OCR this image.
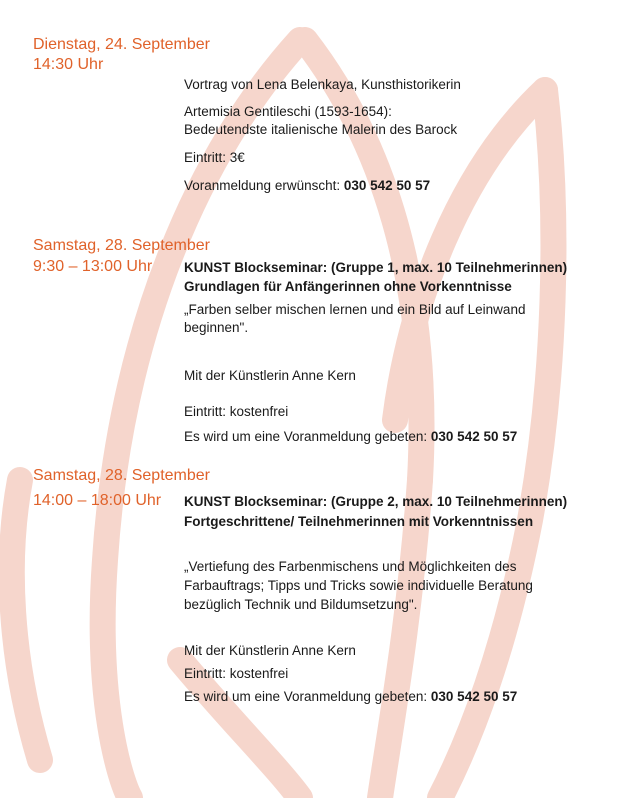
Dienstag, 24. September
14:30 Uhr
Vortrag von Lena Belenkaya, Kunsthistorikerin
Artemisia Gentileschi (1593-1654):
Bedeutendste italienische Malerin des Barock
Eintritt: 3€
Voranmeldung erwünscht: 030 542 50 57
Samstag, 28. September
9:30 – 13:00 Uhr KUNST Blockseminar: (Gruppe 1, max. 10 Teilnehmerinnen)
Grundlagen für Anfängerinnen ohne Vorkenntnisse
„Farben selber mischen lernen und ein Bild auf Leinwand
beginnen".
Mit der Künstlerin Anne Kern
Eintritt: kostenfrei
Es wird um eine Voranmeldung gebeten: 030 542 50 57
Samstag, 28. September
14:00 – 18:00 Uhr KUNST Blockseminar: (Gruppe 2, max. 10 Teilnehmerinnen)
Fortgeschrittene/ Teilnehmerinnen mit Vorkenntnissen
„Vertiefung des Farbenmischens und Möglichkeiten des
Farbauftrags; Tipps und Tricks sowie individuelle Beratung
bezüglich Technik und Bildumsetzung".
Mit der Künstlerin Anne Kern
Eintritt: kostenfrei
Es wird um eine Voranmeldung gebeten: 030 542 50 57
